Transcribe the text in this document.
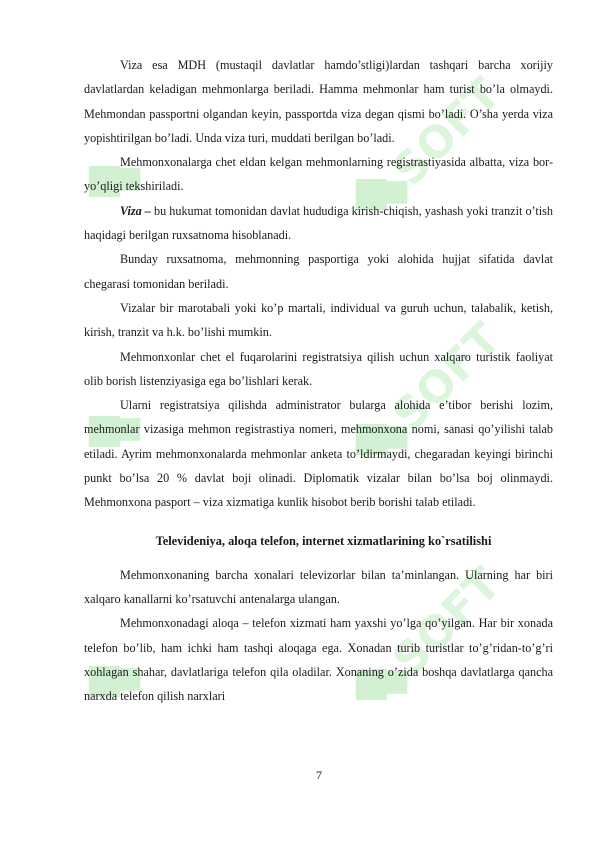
SOFT
SOFT
SOFT

Viza esa MDH (mustaqil davlatlar hamdo’stligi)lardan tashqari barcha xorijiy davlatlardan keladigan mehmonlarga beriladi. Hamma mehmonlar ham turist bo’la olmaydi. Mehmondan passportni olgandan keyin, passportda viza degan qismi bo’ladi. O’sha yerda viza yopishtirilgan bo’ladi. Unda viza turi, muddati berilgan bo’ladi.

Mehmonxonalarga chet eldan kelgan mehmonlarning registrastiyasida albatta, viza bor-yo’qligi tekshiriladi.

Viza – bu hukumat tomonidan davlat hududiga kirish-chiqish, yashash yoki tranzit o’tish haqidagi berilgan ruxsatnoma hisoblanadi.

Bunday ruxsatnoma, mehmonning pasportiga yoki alohida hujjat sifatida davlat chegarasi tomonidan beriladi.

Vizalar bir marotabali yoki ko’p martali, individual va guruh uchun, talabalik, ketish, kirish, tranzit va h.k. bo’lishi mumkin.

Mehmonxonlar chet el fuqarolarini registratsiya qilish uchun xalqaro turistik faoliyat olib borish listenziyasiga ega bo’lishlari kerak.

Ularni registratsiya qilishda administrator bularga alohida e’tibor berishi lozim, mehmonlar vizasiga mehmon registrastiya nomeri, mehmonxona nomi, sanasi qo’yilishi talab etiladi. Ayrim mehmonxonalarda mehmonlar anketa to’ldirmaydi, chegaradan keyingi birinchi punkt bo’lsa 20 % davlat boji olinadi. Diplomatik vizalar bilan bo’lsa boj olinmaydi. Mehmonxona pasport – viza xizmatiga kunlik hisobot berib borishi talab etiladi.

Televideniya, aloqa telefon, internet xizmatlarining ko`rsatilishi

Mehmonxonaning barcha xonalari televizorlar bilan ta’minlangan. Ularning har biri xalqaro kanallarni ko’rsatuvchi antenalarga ulangan.

Mehmonxonadagi aloqa – telefon xizmati ham yaxshi yo’lga qo’yilgan. Har bir xonada telefon bo’lib, ham ichki ham tashqi aloqaga ega. Xonadan turib turistlar to’g’ridan-to’g’ri xohlagan shahar, davlatlariga telefon qila oladilar. Xonaning o’zida boshqa davlatlarga qancha narxda telefon qilish narxlari

7
